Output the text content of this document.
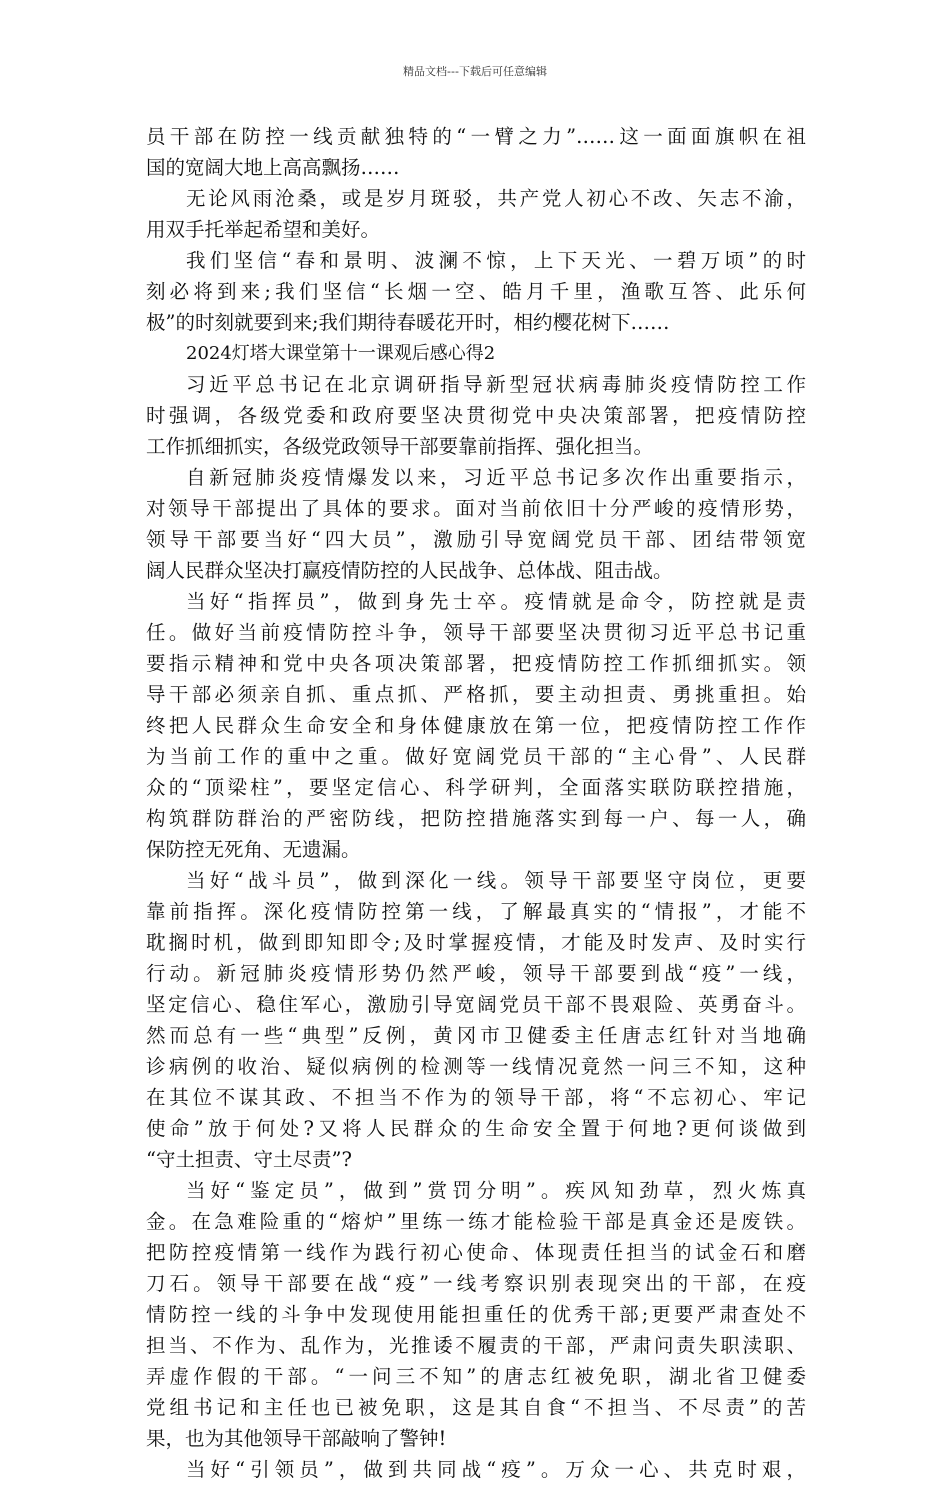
精品文档---下载后可任意编辑
员干部在防控一线贡献独特的“一臂之力”……这一面面旗帜在祖
国的宽阔大地上高高飘扬……
无论风雨沧桑，或是岁月斑驳，共产党人初心不改、矢志不渝，
用双手托举起希望和美好。
我们坚信“春和景明、波澜不惊，上下天光、一碧万顷”的时
刻必将到来;我们坚信“长烟一空、皓月千里，渔歌互答、此乐何
极”的时刻就要到来;我们期待春暖花开时，相约樱花树下……
2024灯塔大课堂第十一课观后感心得2
习近平总书记在北京调研指导新型冠状病毒肺炎疫情防控工作
时强调，各级党委和政府要坚决贯彻党中央决策部署，把疫情防控
工作抓细抓实，各级党政领导干部要靠前指挥、强化担当。
自新冠肺炎疫情爆发以来，习近平总书记多次作出重要指示，
对领导干部提出了具体的要求。面对当前依旧十分严峻的疫情形势，
领导干部要当好“四大员”，激励引导宽阔党员干部、团结带领宽
阔人民群众坚决打赢疫情防控的人民战争、总体战、阻击战。
当好“指挥员”，做到身先士卒。疫情就是命令，防控就是责
任。做好当前疫情防控斗争，领导干部要坚决贯彻习近平总书记重
要指示精神和党中央各项决策部署，把疫情防控工作抓细抓实。领
导干部必须亲自抓、重点抓、严格抓，要主动担责、勇挑重担。始
终把人民群众生命安全和身体健康放在第一位，把疫情防控工作作
为当前工作的重中之重。做好宽阔党员干部的“主心骨”、人民群
众的“顶梁柱”，要坚定信心、科学研判，全面落实联防联控措施，
构筑群防群治的严密防线，把防控措施落实到每一户、每一人，确
保防控无死角、无遗漏。
当好“战斗员”，做到深化一线。领导干部要坚守岗位，更要
靠前指挥。深化疫情防控第一线，了解最真实的“情报”，才能不
耽搁时机，做到即知即令;及时掌握疫情，才能及时发声、及时实行
行动。新冠肺炎疫情形势仍然严峻，领导干部要到战“疫”一线，
坚定信心、稳住军心，激励引导宽阔党员干部不畏艰险、英勇奋斗。
然而总有一些“典型”反例，黄冈市卫健委主任唐志红针对当地确
诊病例的收治、疑似病例的检测等一线情况竟然一问三不知，这种
在其位不谋其政、不担当不作为的领导干部，将“不忘初心、牢记
使命”放于何处?又将人民群众的生命安全置于何地?更何谈做到
“守土担责、守土尽责”?
当好“鉴定员”，做到”赏罚分明”。疾风知劲草，烈火炼真
金。在急难险重的“熔炉”里练一练才能检验干部是真金还是废铁。
把防控疫情第一线作为践行初心使命、体现责任担当的试金石和磨
刀石。领导干部要在战“疫”一线考察识别表现突出的干部，在疫
情防控一线的斗争中发现使用能担重任的优秀干部;更要严肃查处不
担当、不作为、乱作为，光推诿不履责的干部，严肃问责失职渎职、
弄虚作假的干部。“一问三不知”的唐志红被免职，湖北省卫健委
党组书记和主任也已被免职，这是其自食“不担当、不尽责”的苦
果，也为其他领导干部敲响了警钟!
当好“引领员”，做到共同战“疫”。万众一心、共克时艰，
